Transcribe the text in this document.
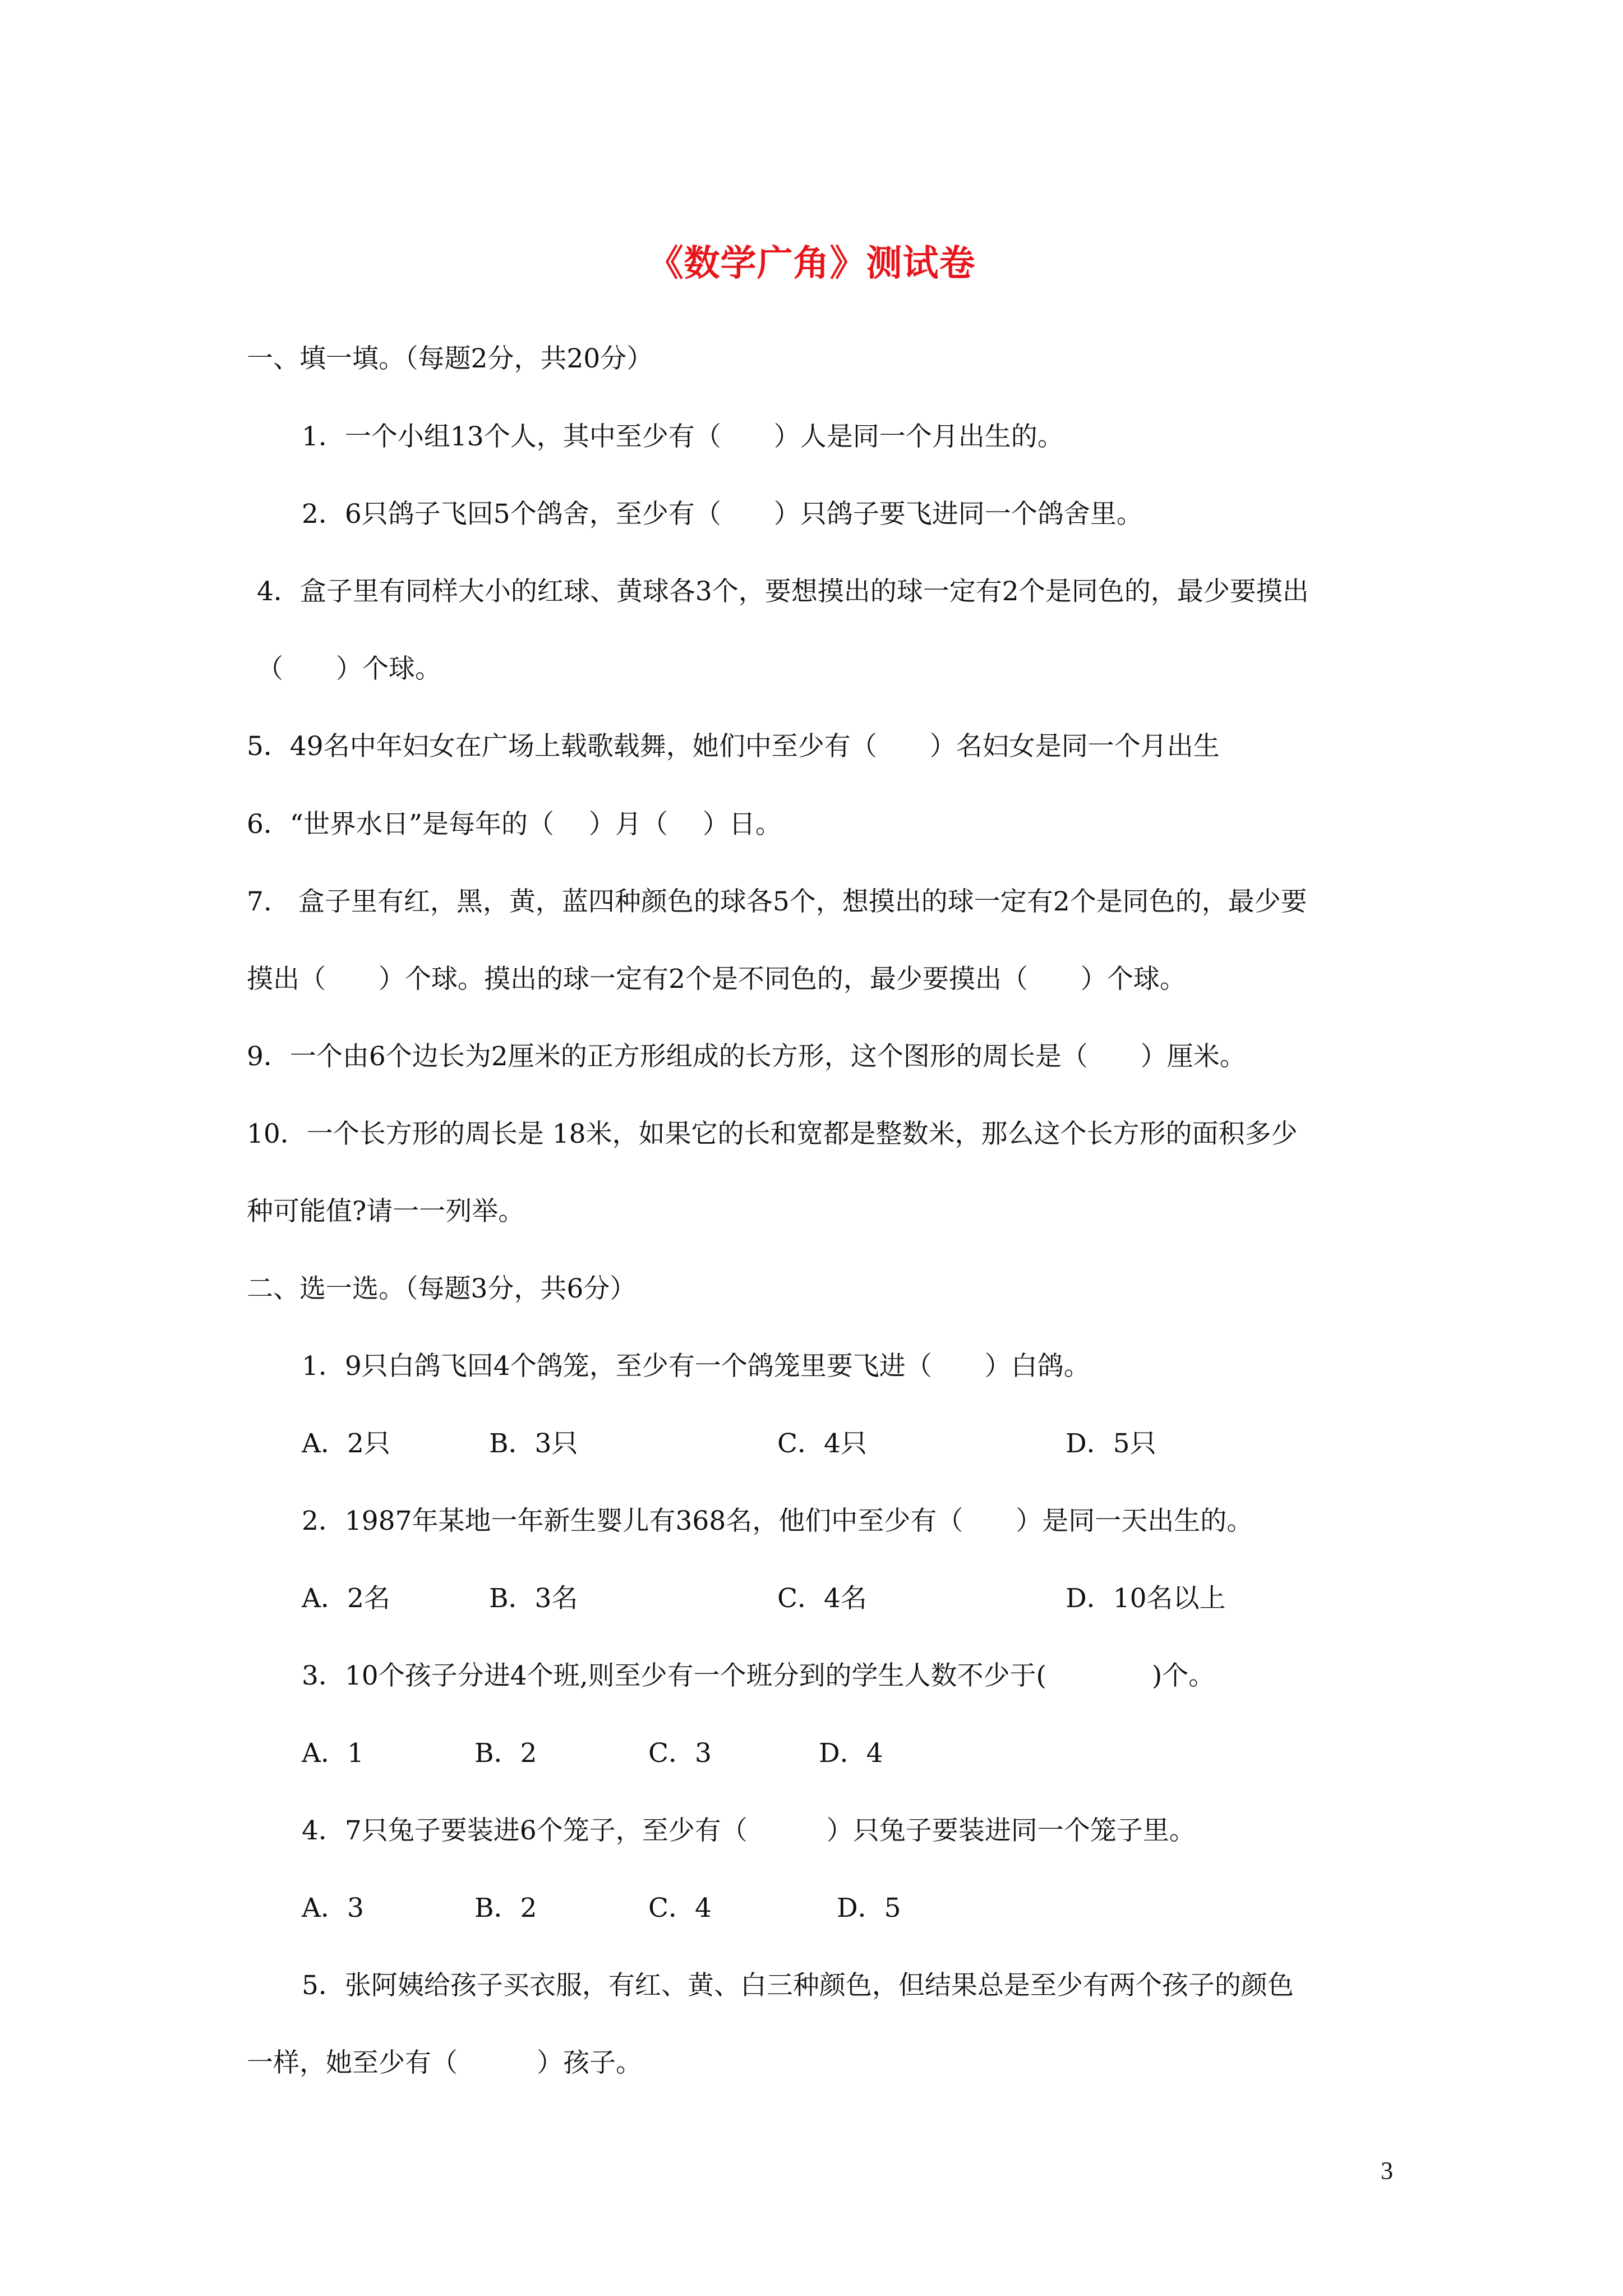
《数学广角》测试卷
一、填一填。（每题2分，共20分）
1．一个小组13个人，其中至少有（　　）人是同一个月出生的。
2．6只鸽子飞回5个鸽舍，至少有（　　）只鸽子要飞进同一个鸽舍里。
4．盒子里有同样大小的红球、黄球各3个，要想摸出的球一定有2个是同色的，最少要摸出
（　　）个球。
5．49名中年妇女在广场上载歌载舞，她们中至少有（　　）名妇女是同一个月出生
6．“世界水日”是每年的（　 ）月（　 ）日。
7.　盒子里有红，黑，黄，蓝四种颜色的球各5个，想摸出的球一定有2个是同色的，最少要
摸出（　　）个球。摸出的球一定有2个是不同色的，最少要摸出（　　）个球。
9．一个由6个边长为2厘米的正方形组成的长方形，这个图形的周长是（　　）厘米。
10．一个长方形的周长是 18米，如果它的长和宽都是整数米，那么这个长方形的面积多少
种可能值?请一一列举。
二、选一选。（每题3分，共6分）
1．9只白鸽飞回4个鸽笼，至少有一个鸽笼里要飞进（　　）白鸽。
A．2只	B．3只	C．4只	D．5只
2．1987年某地一年新生婴儿有368名，他们中至少有（　　）是同一天出生的。
A．2名	B．3名	C．4名	D．10名以上
3．10个孩子分进4个班,则至少有一个班分到的学生人数不少于(　　　　)个。
A．1	B．2	C．3	D．4
4．7只兔子要装进6个笼子，至少有（　　　）只兔子要装进同一个笼子里。
A．3	B．2	C．4	D．5
5．张阿姨给孩子买衣服，有红、黄、白三种颜色，但结果总是至少有两个孩子的颜色
一样，她至少有（　　　）孩子。
3
